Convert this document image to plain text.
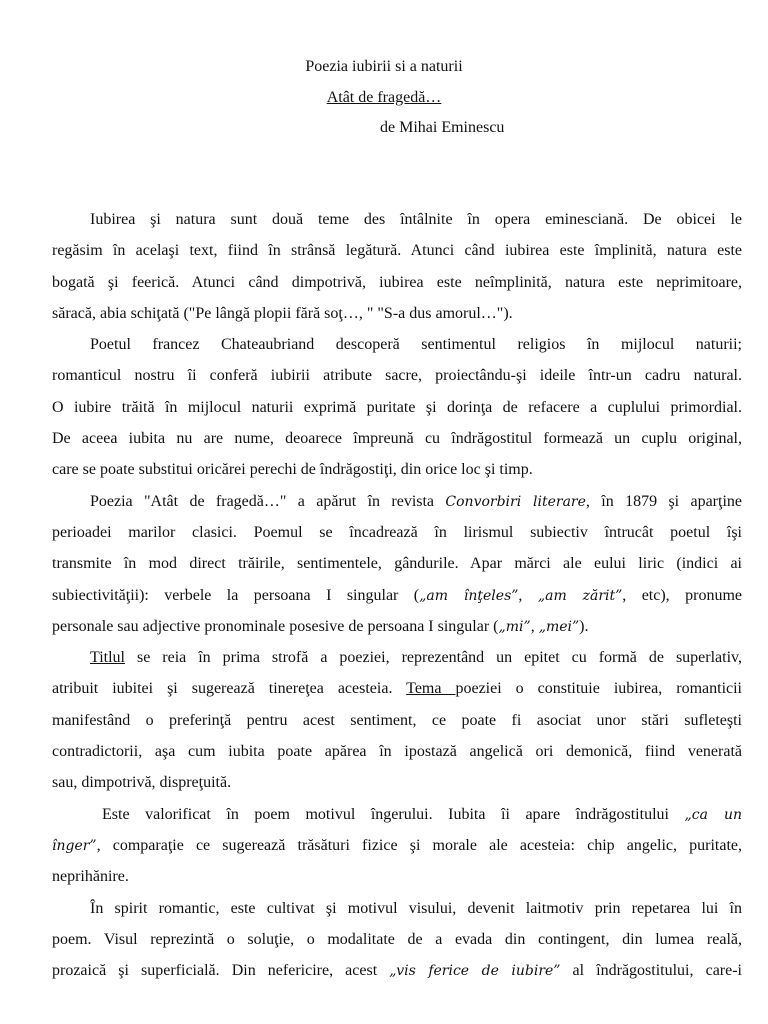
Poezia iubirii si a naturii
Atât de fragedă…
de Mihai Eminescu
Iubirea şi natura sunt două teme des întâlnite în opera eminesciană. De obicei le
regăsim în acelaşi text, fiind în strânsă legătură. Atunci când iubirea este împlinită, natura este
bogată şi feerică. Atunci când dimpotrivă, iubirea este neîmplinită, natura este neprimitoare,
săracă, abia schiţată ("Pe lângă plopii fără soţ…, " "S-a dus amorul…").
Poetul francez Chateaubriand descoperă sentimentul religios în mijlocul naturii;
romanticul nostru îi conferă iubirii atribute sacre, proiectându-şi ideile într-un cadru natural.
O iubire trăită în mijlocul naturii exprimă puritate şi dorinţa de refacere a cuplului primordial.
De aceea iubita nu are nume, deoarece împreună cu îndrăgostitul formează un cuplu original,
care se poate substitui oricărei perechi de îndrăgostiţi, din orice loc şi timp.
Poezia "Atât de fragedă…" a apărut în revista Convorbiri literare, în 1879 şi aparţine
perioadei marilor clasici. Poemul se încadrează în lirismul subiectiv întrucât poetul îşi
transmite în mod direct trăirile, sentimentele, gândurile. Apar mărci ale eului liric (indici ai
subiectivităţii): verbele la persoana I singular („am înţeles”, „am zărit”, etc), pronume
personale sau adjective pronominale posesive de persoana I singular („mi”, „mei”).
Titlul se reia în prima strofă a poeziei, reprezentând un epitet cu formă de superlativ,
atribuit iubitei şi sugerează tinereţea acesteia. Tema poeziei o constituie iubirea, romanticii
manifestând o preferinţă pentru acest sentiment, ce poate fi asociat unor stări sufleteşti
contradictorii, aşa cum iubita poate apărea în ipostază angelică ori demonică, fiind venerată
sau, dimpotrivă, dispreţuită.
Este valorificat în poem motivul îngerului. Iubita îi apare îndrăgostitului „ca un
înger”, comparaţie ce sugerează trăsături fizice şi morale ale acesteia: chip angelic, puritate,
neprihănire.
În spirit romantic, este cultivat şi motivul visului, devenit laitmotiv prin repetarea lui în
poem. Visul reprezintă o soluţie, o modalitate de a evada din contingent, din lumea reală,
prozaică şi superficială. Din nefericire, acest „vis ferice de iubire” al îndrăgostitului, care-i
